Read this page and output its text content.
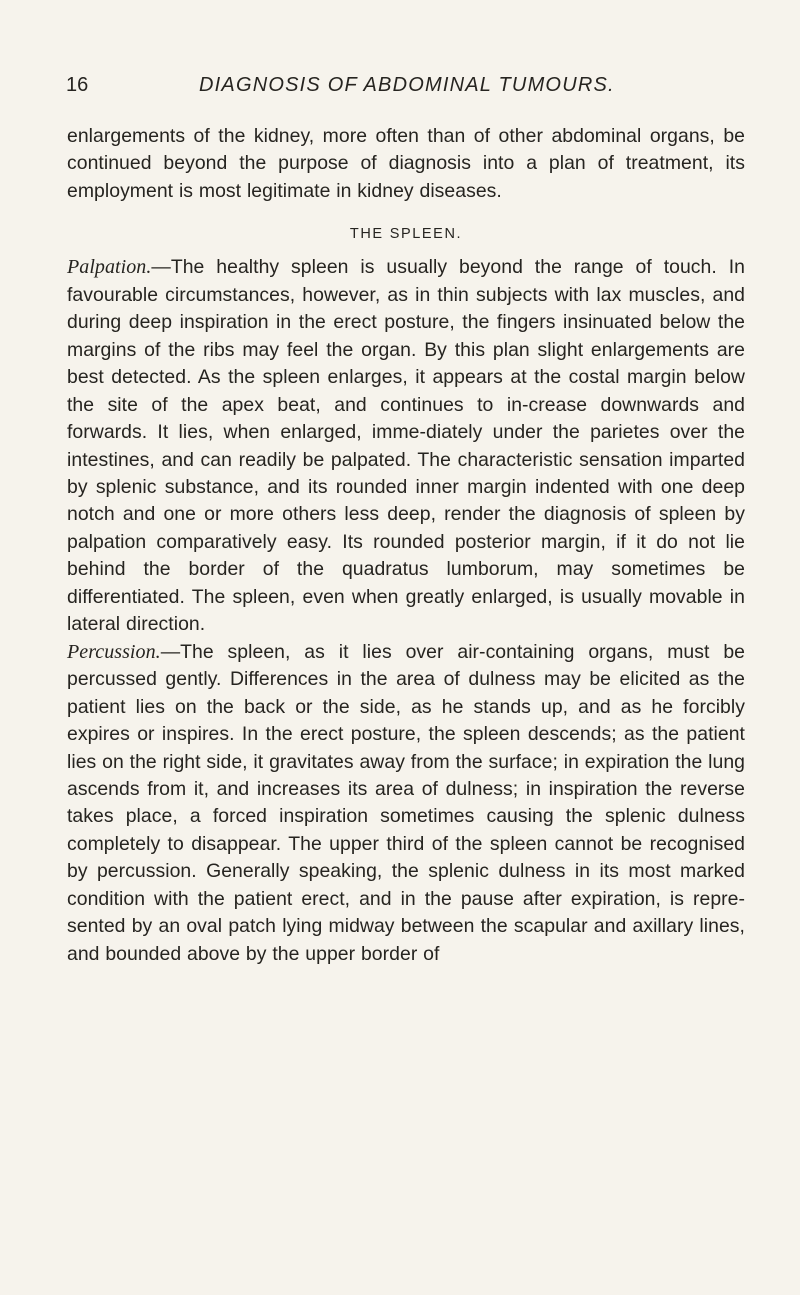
16	DIAGNOSIS OF ABDOMINAL TUMOURS.

enlargements of the kidney, more often than of other abdominal organs, be continued beyond the purpose of diagnosis into a plan of treatment, its employment is most legitimate in kidney diseases.

THE SPLEEN.

Palpation.—The healthy spleen is usually beyond the range of touch. In favourable circumstances, however, as in thin subjects with lax muscles, and during deep inspiration in the erect posture, the fingers insinuated below the margins of the ribs may feel the organ. By this plan slight enlargements are best detected. As the spleen enlarges, it appears at the costal margin below the site of the apex beat, and continues to in-crease downwards and forwards. It lies, when enlarged, imme-diately under the parietes over the intestines, and can readily be palpated. The characteristic sensation imparted by splenic substance, and its rounded inner margin indented with one deep notch and one or more others less deep, render the diagnosis of spleen by palpation comparatively easy. Its rounded posterior margin, if it do not lie behind the border of the quadratus lumborum, may sometimes be differentiated. The spleen, even when greatly enlarged, is usually movable in lateral direction.

Percussion.—The spleen, as it lies over air-containing organs, must be percussed gently. Differences in the area of dulness may be elicited as the patient lies on the back or the side, as he stands up, and as he forcibly expires or inspires. In the erect posture, the spleen descends; as the patient lies on the right side, it gravitates away from the surface; in expiration the lung ascends from it, and increases its area of dulness; in inspiration the reverse takes place, a forced inspiration sometimes causing the splenic dulness completely to disappear. The upper third of the spleen cannot be recognised by percussion. Generally speaking, the splenic dulness in its most marked condition with the patient erect, and in the pause after expiration, is repre-sented by an oval patch lying midway between the scapular and axillary lines, and bounded above by the upper border of
